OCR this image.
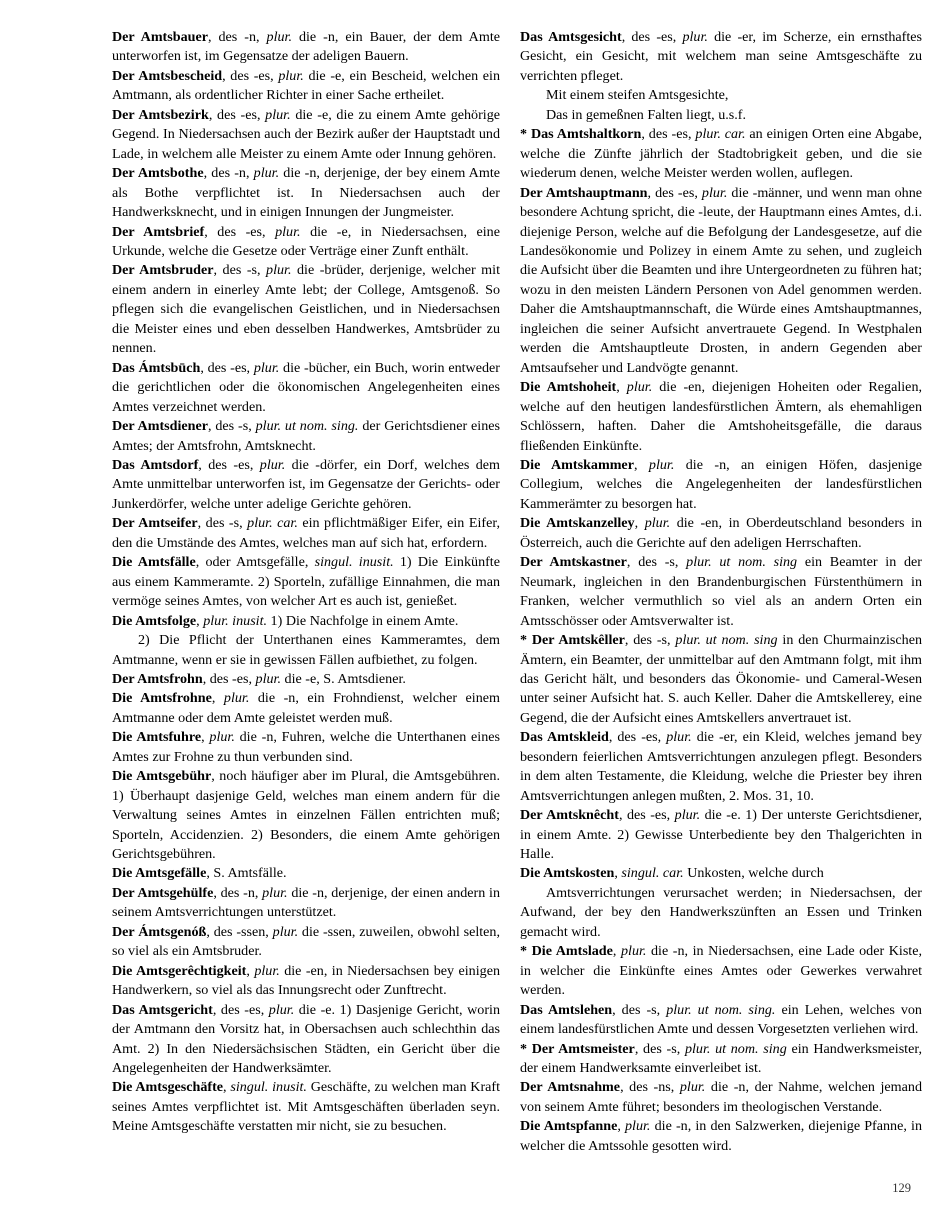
Der Amtsbauer, des -n, plur. die -n, ein Bauer, der dem Amte unterworfen ist, im Gegensatze der adeligen Bauern.

Der Amtsbescheid, des -es, plur. die -e, ein Bescheid, welchen ein Amtmann, als ordentlicher Richter in einer Sache ertheilet.

Der Amtsbezirk, des -es, plur. die -e, die zu einem Amte gehörige Gegend. In Niedersachsen auch der Bezirk außer der Hauptstadt und Lade, in welchem alle Meister zu einem Amte oder Innung gehören.

Der Amtsbothe, des -n, plur. die -n, derjenige, der bey einem Amte als Bothe verpflichtet ist. In Niedersachsen auch der Handwerksknecht, und in einigen Innungen der Jungmeister.

Der Amtsbrief, des -es, plur. die -e, in Niedersachsen, eine Urkunde, welche die Gesetze oder Verträge einer Zunft enthält.

Der Amtsbruder, des -s, plur. die -brüder, derjenige, welcher mit einem andern in einerley Amte lebt; der College, Amtsgenoß. So pflegen sich die evangelischen Geistlichen, und in Niedersachsen die Meister eines und eben desselben Handwerkes, Amtsbrüder zu nennen.

Das Ámtsbūch, des -es, plur. die -bücher, ein Buch, worin entweder die gerichtlichen oder die ökonomischen Angelegenheiten eines Amtes verzeichnet werden.

Der Amtsdiener, des -s, plur. ut nom. sing. der Gerichtsdiener eines Amtes; der Amtsfrohn, Amtsknecht.

Das Amtsdorf, des -es, plur. die -dörfer, ein Dorf, welches dem Amte unmittelbar unterworfen ist, im Gegensatze der Gerichts- oder Junkerdörfer, welche unter adelige Gerichte gehören.

Der Amtseifer, des -s, plur. car. ein pflichtmäßiger Eifer, ein Eifer, den die Umstände des Amtes, welches man auf sich hat, erfordern.

Die Amtsfälle, oder Amtsgefälle, singul. inusit. 1) Die Einkünfte aus einem Kammeramte. 2) Sporteln, zufällige Einnahmen, die man vermöge seines Amtes, von welcher Art es auch ist, genießet.

Die Amtsfolge, plur. inusit. 1) Die Nachfolge in einem Amte.

2) Die Pflicht der Unterthanen eines Kammeramtes, dem Amtmanne, wenn er sie in gewissen Fällen aufbiethet, zu folgen.

Der Amtsfrohn, des -es, plur. die -e, S. Amtsdiener.

Die Amtsfrohne, plur. die -n, ein Frohndienst, welcher einem Amtmanne oder dem Amte geleistet werden muß.

Die Amtsfuhre, plur. die -n, Fuhren, welche die Unterthanen eines Amtes zur Frohne zu thun verbunden sind.

Die Amtsgebühr, noch häufiger aber im Plural, die Amtsgebühren. 1) Überhaupt dasjenige Geld, welches man einem andern für die Verwaltung seines Amtes in einzelnen Fällen entrichten muß; Sporteln, Accidenzien. 2) Besonders, die einem Amte gehörigen Gerichtsgebühren.

Die Amtsgefälle, S. Amtsfälle.

Der Amtsgehülfe, des -n, plur. die -n, derjenige, der einen andern in seinem Amtsverrichtungen unterstützet.

Der Ámtsgenóß, des -ssen, plur. die -ssen, zuweilen, obwohl selten, so viel als ein Amtsbruder.

Die Amtsgerêchtigkeit, plur. die -en, in Niedersachsen bey einigen Handwerkern, so viel als das Innungsrecht oder Zunftrecht.

Das Amtsgericht, des -es, plur. die -e. 1) Dasjenige Gericht, worin der Amtmann den Vorsitz hat, in Obersachsen auch schlechthin das Amt. 2) In den Niedersächsischen Städten, ein Gericht über die Angelegenheiten der Handwerksämter.

Die Amtsgeschäfte, singul. inusit. Geschäfte, zu welchen man Kraft seines Amtes verpflichtet ist. Mit Amtsgeschäften überladen seyn. Meine Amtsgeschäfte verstatten mir nicht, sie zu besuchen.

Das Amtsgesicht, des -es, plur. die -er, im Scherze, ein ernsthaftes Gesicht, ein Gesicht, mit welchem man seine Amtsgeschäfte zu verrichten pfleget.

Mit einem steifen Amtsgesichte,

Das in gemeßnen Falten liegt, u.s.f.

* Das Amtshaltkorn, des -es, plur. car. an einigen Orten eine Abgabe, welche die Zünfte jährlich der Stadtobrigkeit geben, und die sie wiederum denen, welche Meister werden wollen, auflegen.

Der Amtshauptmann, des -es, plur. die -männer, und wenn man ohne besondere Achtung spricht, die -leute, der Hauptmann eines Amtes, d.i. diejenige Person, welche auf die Befolgung der Landesgesetze, auf die Landesökonomie und Polizey in einem Amte zu sehen, und zugleich die Aufsicht über die Beamten und ihre Untergeordneten zu führen hat; wozu in den meisten Ländern Personen von Adel genommen werden. Daher die Amtshauptmannschaft, die Würde eines Amtshauptmannes, ingleichen die seiner Aufsicht anvertrauete Gegend. In Westphalen werden die Amtshauptleute Drosten, in andern Gegenden aber Amtsaufseher und Landvögte genannt.

Die Amtshoheit, plur. die -en, diejenigen Hoheiten oder Regalien, welche auf den heutigen landesfürstlichen Ämtern, als ehemahligen Schlössern, haften. Daher die Amtshoheitsgefälle, die daraus fließenden Einkünfte.

Die Amtskammer, plur. die -n, an einigen Höfen, dasjenige Collegium, welches die Angelegenheiten der landesfürstlichen Kammerämter zu besorgen hat.

Die Amtskanzelley, plur. die -en, in Oberdeutschland besonders in Österreich, auch die Gerichte auf den adeligen Herrschaften.

Der Amtskastner, des -s, plur. ut nom. sing ein Beamter in der Neumark, ingleichen in den Brandenburgischen Fürstenthümern in Franken, welcher vermuthlich so viel als an andern Orten ein Amtsschösser oder Amtsverwalter ist.

* Der Amtskêller, des -s, plur. ut nom. sing in den Churmainzischen Ämtern, ein Beamter, der unmittelbar auf den Amtmann folgt, mit ihm das Gericht hält, und besonders das Ökonomie- und Cameral-Wesen unter seiner Aufsicht hat. S. auch Keller. Daher die Amtskellerey, eine Gegend, die der Aufsicht eines Amtskellers anvertrauet ist.

Das Amtskleid, des -es, plur. die -er, ein Kleid, welches jemand bey besondern feierlichen Amtsverrichtungen anzulegen pflegt. Besonders in dem alten Testamente, die Kleidung, welche die Priester bey ihren Amtsverrichtungen anlegen mußten, 2. Mos. 31, 10.

Der Amtsknêcht, des -es, plur. die -e. 1) Der unterste Gerichtsdiener, in einem Amte. 2) Gewisse Unterbediente bey den Thalgerichten in Halle.

Die Amtskosten, singul. car. Unkosten, welche durch

Amtsverrichtungen verursachet werden; in Niedersachsen, der Aufwand, der bey den Handwerkszünften an Essen und Trinken gemacht wird.

* Die Amtslade, plur. die -n, in Niedersachsen, eine Lade oder Kiste, in welcher die Einkünfte eines Amtes oder Gewerkes verwahret werden.

Das Amtslehen, des -s, plur. ut nom. sing. ein Lehen, welches von einem landesfürstlichen Amte und dessen Vorgesetzten verliehen wird.

* Der Amtsmeister, des -s, plur. ut nom. sing ein Handwerksmeister, der einem Handwerksamte einverleibet ist.

Der Amtsnahme, des -ns, plur. die -n, der Nahme, welchen jemand von seinem Amte führet; besonders im theologischen Verstande.

Die Amtspfanne, plur. die -n, in den Salzwerken, diejenige Pfanne, in welcher die Amtssohle gesotten wird.

129
